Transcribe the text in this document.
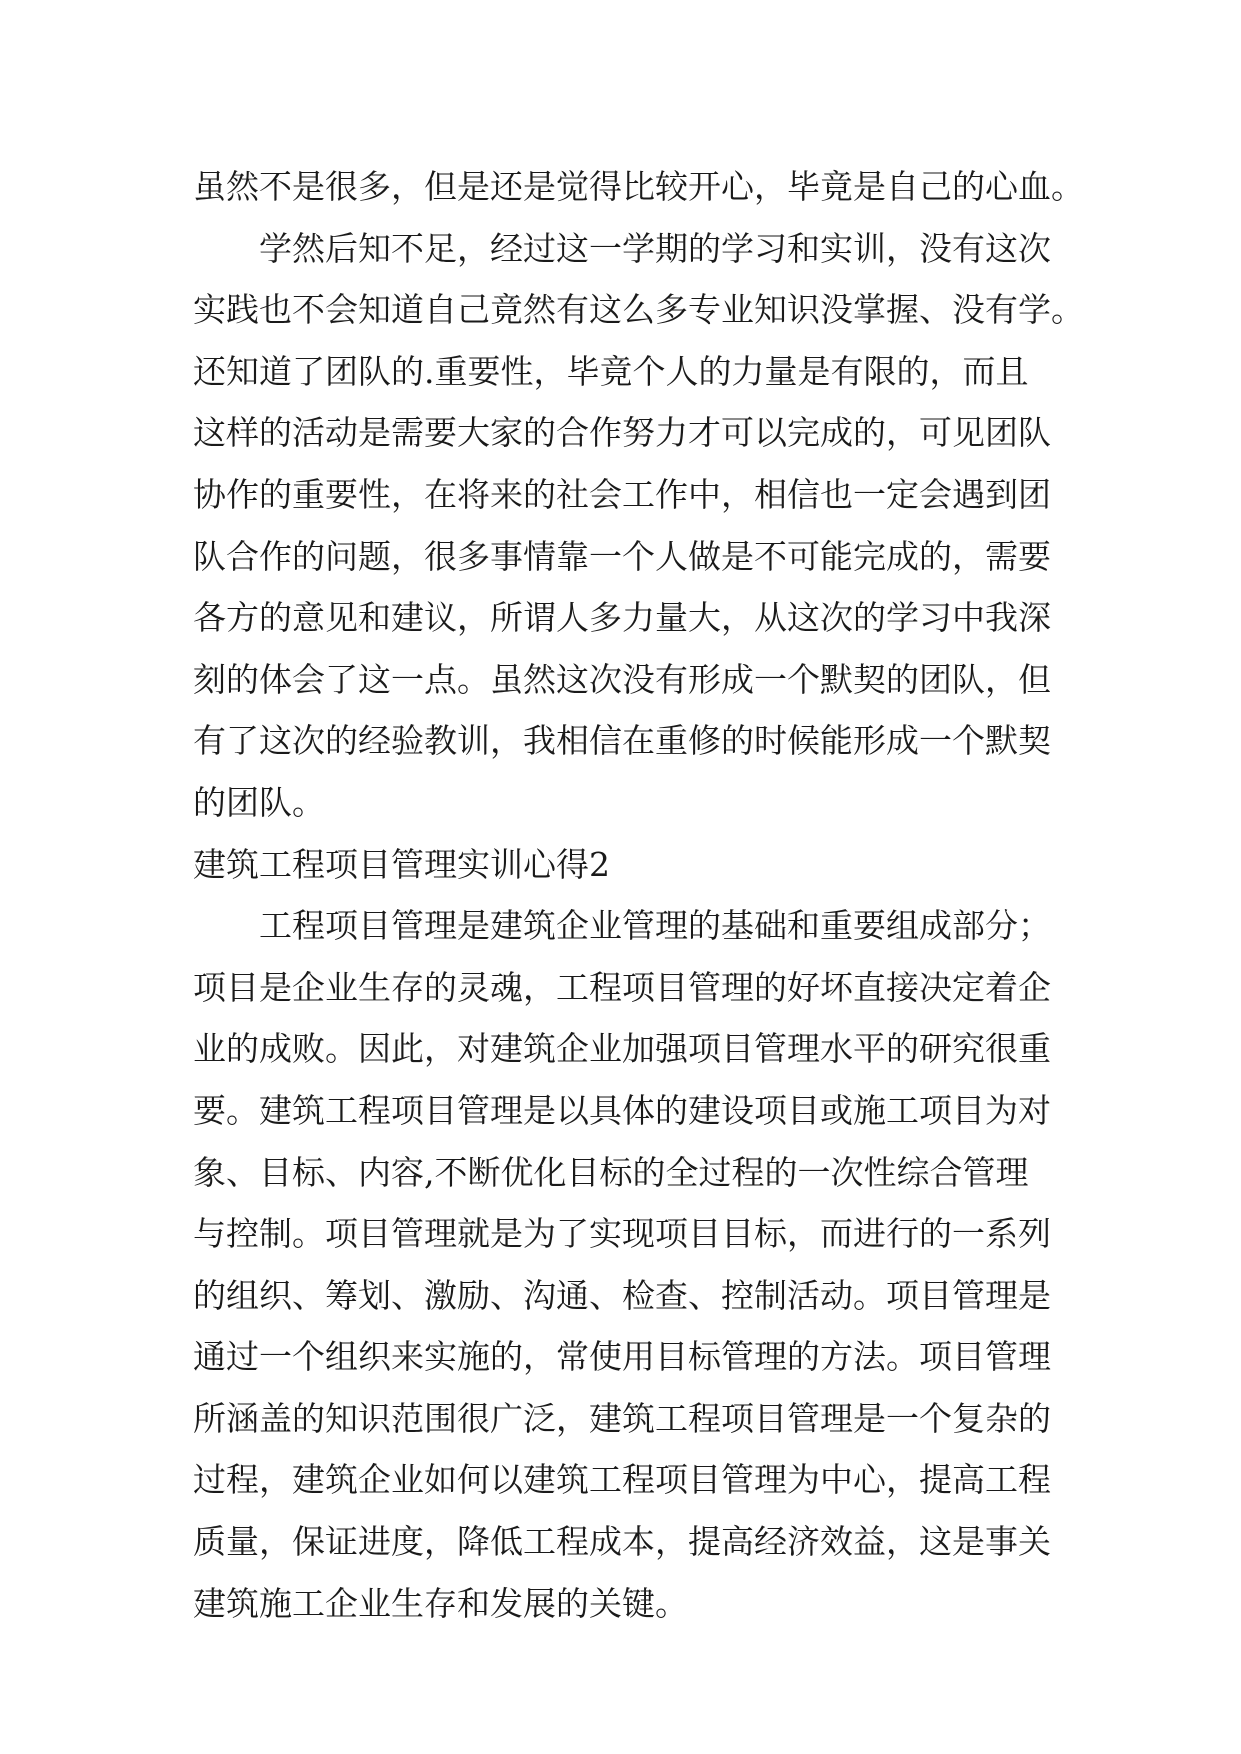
虽然不是很多，但是还是觉得比较开心，毕竟是自己的心血。
学然后知不足，经过这一学期的学习和实训，没有这次
实践也不会知道自己竟然有这么多专业知识没掌握、没有学。
还知道了团队的.重要性，毕竟个人的力量是有限的，而且
这样的活动是需要大家的合作努力才可以完成的，可见团队
协作的重要性，在将来的社会工作中，相信也一定会遇到团
队合作的问题，很多事情靠一个人做是不可能完成的，需要
各方的意见和建议，所谓人多力量大，从这次的学习中我深
刻的体会了这一点。虽然这次没有形成一个默契的团队，但
有了这次的经验教训，我相信在重修的时候能形成一个默契
的团队。
建筑工程项目管理实训心得2
工程项目管理是建筑企业管理的基础和重要组成部分；
项目是企业生存的灵魂，工程项目管理的好坏直接决定着企
业的成败。因此，对建筑企业加强项目管理水平的研究很重
要。建筑工程项目管理是以具体的建设项目或施工项目为对
象、目标、内容,不断优化目标的全过程的一次性综合管理
与控制。项目管理就是为了实现项目目标，而进行的一系列
的组织、筹划、激励、沟通、检查、控制活动。项目管理是
通过一个组织来实施的，常使用目标管理的方法。项目管理
所涵盖的知识范围很广泛，建筑工程项目管理是一个复杂的
过程，建筑企业如何以建筑工程项目管理为中心，提高工程
质量，保证进度，降低工程成本，提高经济效益，这是事关
建筑施工企业生存和发展的关键。
